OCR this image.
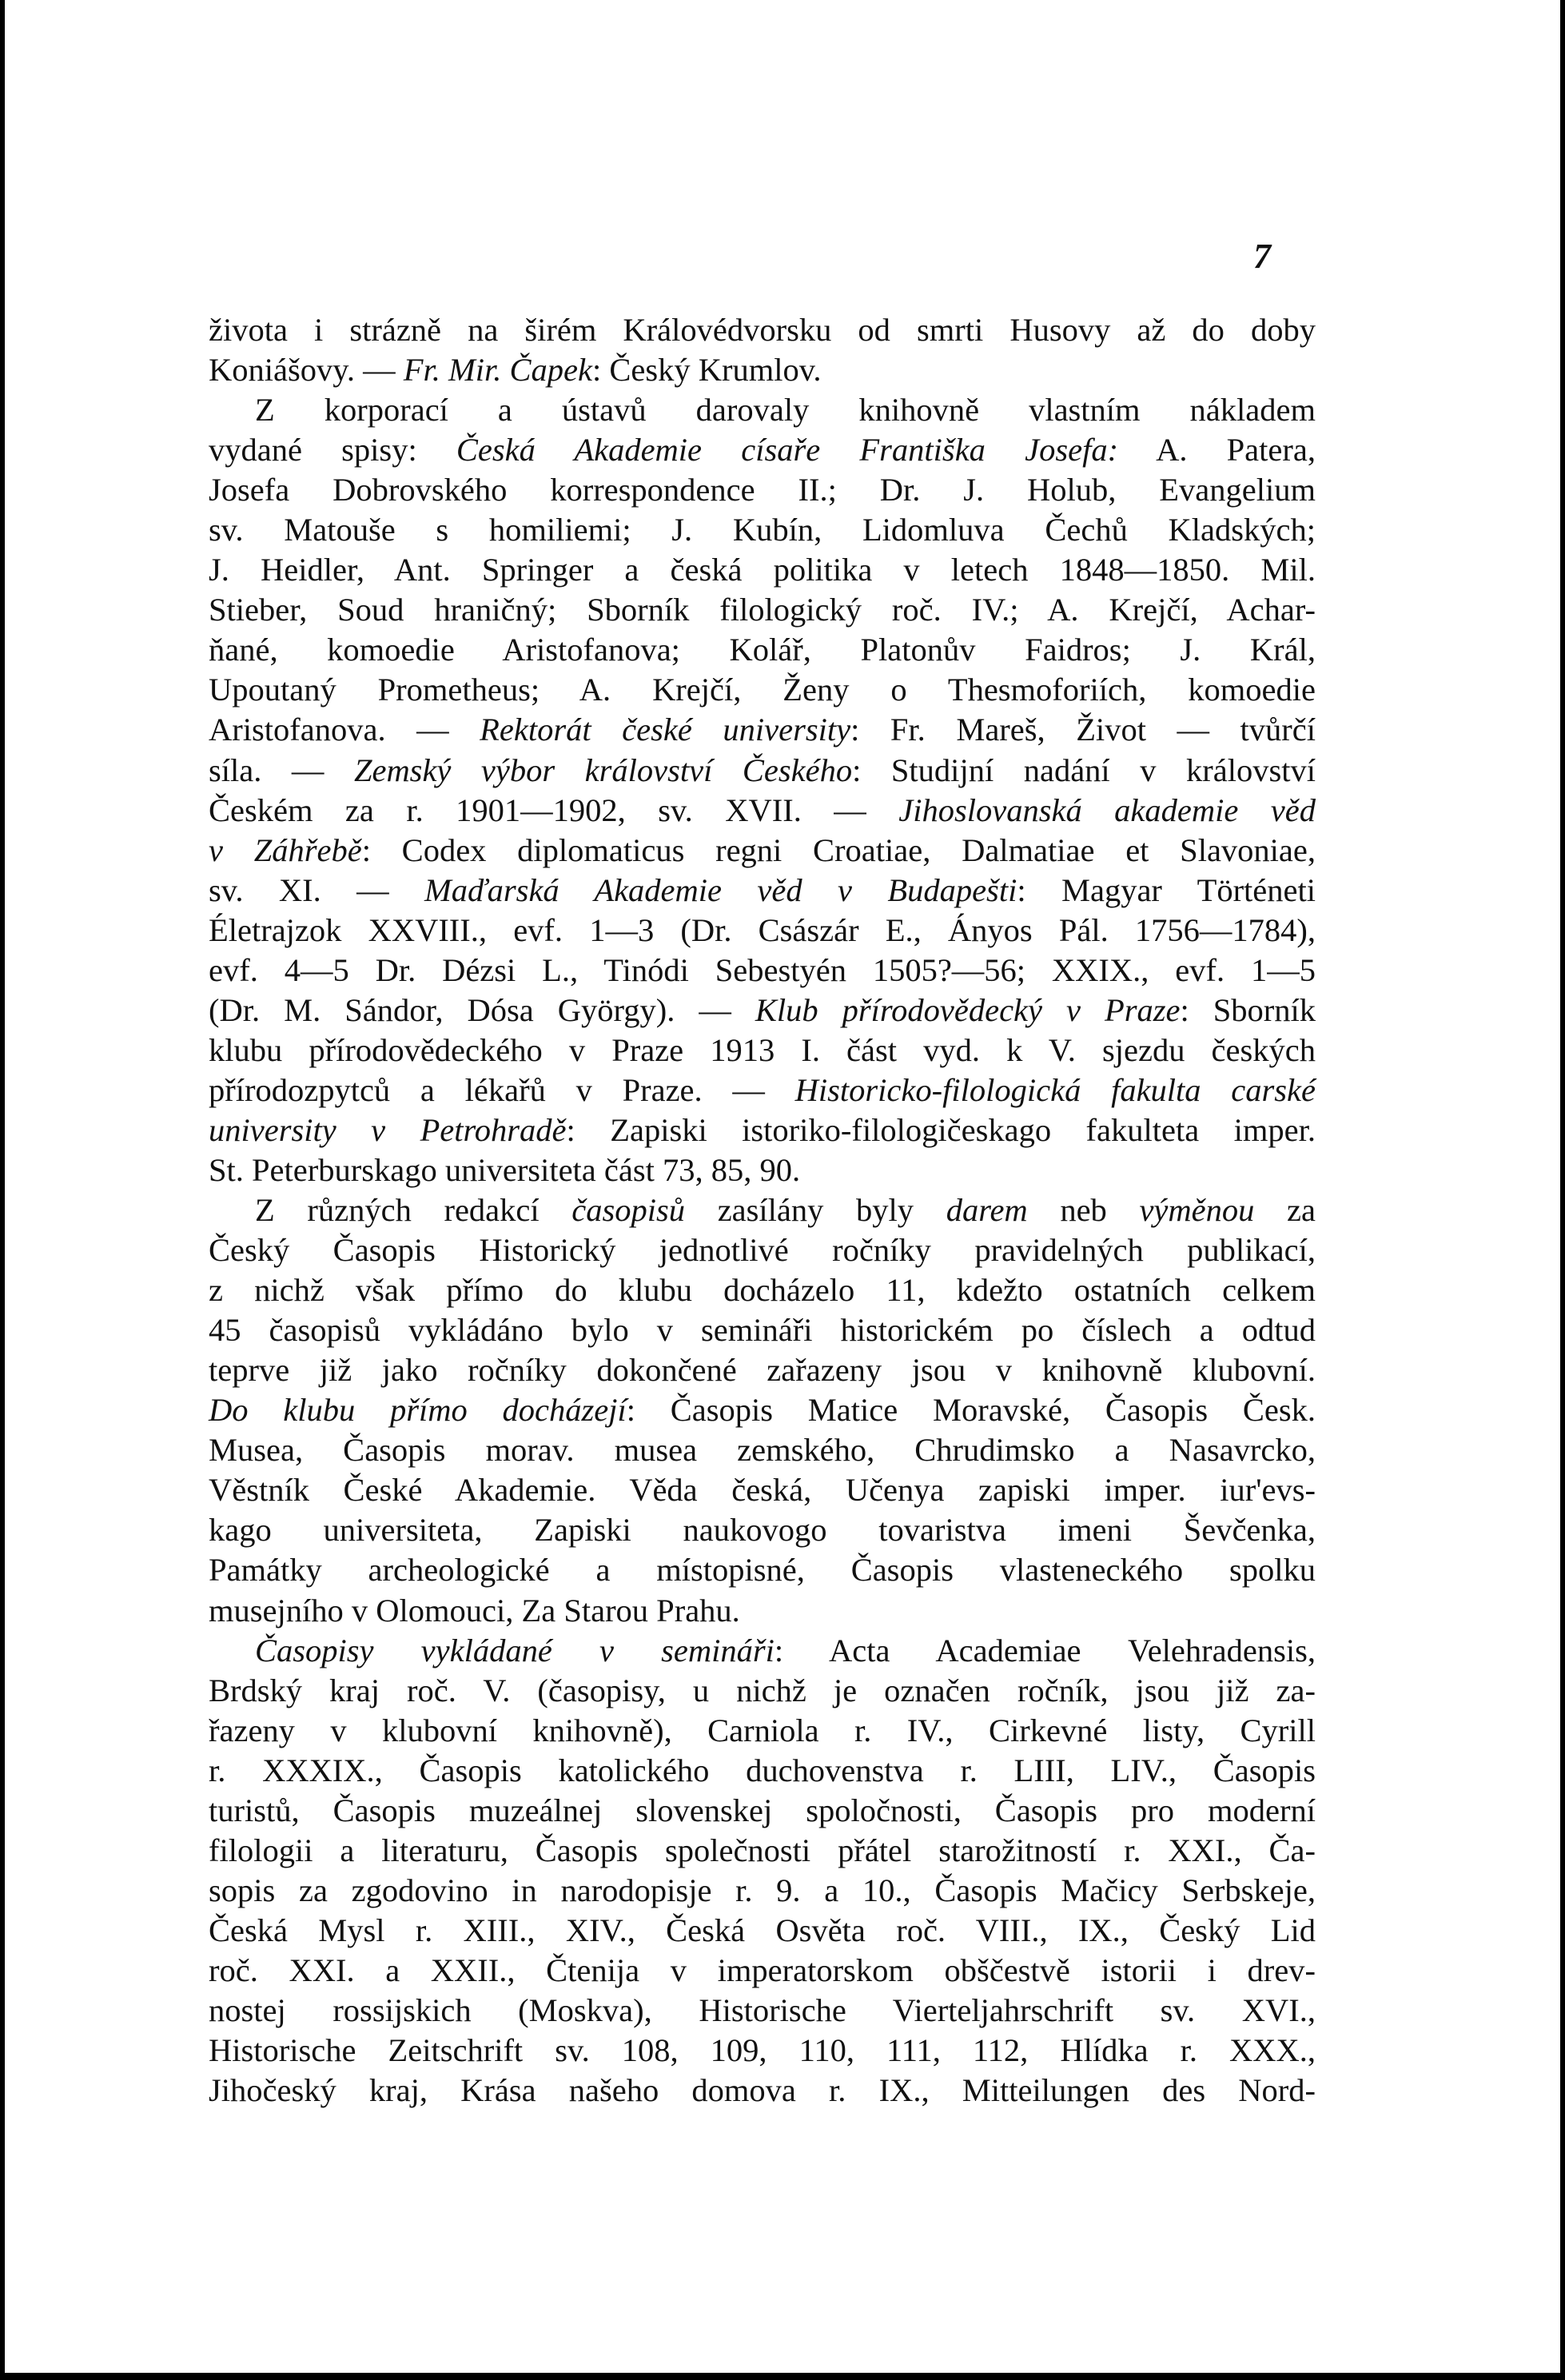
7
života i strázně na širém Královédvorsku od smrti Husovy až do doby
Koniášovy. — Fr. Mir. Čapek: Český Krumlov.
Z korporací a ústavů darovaly knihovně vlastním nákladem
vydané spisy: Česká Akademie císaře Františka Josefa: A. Patera,
Josefa Dobrovského korrespondence II.; Dr. J. Holub, Evangelium
sv. Matouše s homiliemi; J. Kubín, Lidomluva Čechů Kladských;
J. Heidler, Ant. Springer a česká politika v letech 1848—1850. Mil.
Stieber, Soud hraničný; Sborník filologický roč. IV.; A. Krejčí, Achar-
ňané, komoedie Aristofanova; Kolář, Platonův Faidros; J. Král,
Upoutaný Prometheus; A. Krejčí, Ženy o Thesmoforiích, komoedie
Aristofanova. — Rektorát české university: Fr. Mareš, Život — tvůrčí
síla. — Zemský výbor království Českého: Studijní nadání v království
Českém za r. 1901—1902, sv. XVII. — Jihoslovanská akademie věd
v Záhřebě: Codex diplomaticus regni Croatiae, Dalmatiae et Slavoniae,
sv. XI. — Maďarská Akademie věd v Budapešti: Magyar Történeti
Életrajzok XXVIII., evf. 1—3 (Dr. Császár E., Ányos Pál. 1756—1784),
evf. 4—5 Dr. Dézsi L., Tinódi Sebestyén 1505?—56; XXIX., evf. 1—5
(Dr. M. Sándor, Dósa György). — Klub přírodovědecký v Praze: Sborník
klubu přírodovědeckého v Praze 1913 I. část vyd. k V. sjezdu českých
přírodozpytců a lékařů v Praze. — Historicko-filologická fakulta carské
university v Petrohradě: Zapiski istoriko-filologičeskago fakulteta imper.
St. Peterburskago universiteta část 73, 85, 90.
Z různých redakcí časopisů zasílány byly darem neb výměnou za
Český Časopis Historický jednotlivé ročníky pravidelných publikací,
z nichž však přímo do klubu docházelo 11, kdežto ostatních celkem
45 časopisů vykládáno bylo v semináři historickém po číslech a odtud
teprve již jako ročníky dokončené zařazeny jsou v knihovně klubovní.
Do klubu přímo docházejí: Časopis Matice Moravské, Časopis Česk.
Musea, Časopis morav. musea zemského, Chrudimsko a Nasavrcko,
Věstník České Akademie. Věda česká, Učenya zapiski imper. iur'evs-
kago universiteta, Zapiski naukovogo tovaristva imeni Ševčenka,
Památky archeologické a místopisné, Časopis vlasteneckého spolku
musejního v Olomouci, Za Starou Prahu.
Časopisy vykládané v semináři: Acta Academiae Velehradensis,
Brdský kraj roč. V. (časopisy, u nichž je označen ročník, jsou již za-
řazeny v klubovní knihovně), Carniola r. IV., Cirkevné listy, Cyrill
r. XXXIX., Časopis katolického duchovenstva r. LIII, LIV., Časopis
turistů, Časopis muzeálnej slovenskej spoločnosti, Časopis pro moderní
filologii a literaturu, Časopis společnosti přátel starožitností r. XXI., Ča-
sopis za zgodovino in narodopisje r. 9. a 10., Časopis Mačicy Serbskeje,
Česká Mysl r. XIII., XIV., Česká Osvěta roč. VIII., IX., Český Lid
roč. XXI. a XXII., Čtenija v imperatorskom obščestvě istorii i drev-
nostej rossijskich (Moskva), Historische Vierteljahrschrift sv. XVI.,
Historische Zeitschrift sv. 108, 109, 110, 111, 112, Hlídka r. XXX.,
Jihočeský kraj, Krása našeho domova r. IX., Mitteilungen des Nord-
